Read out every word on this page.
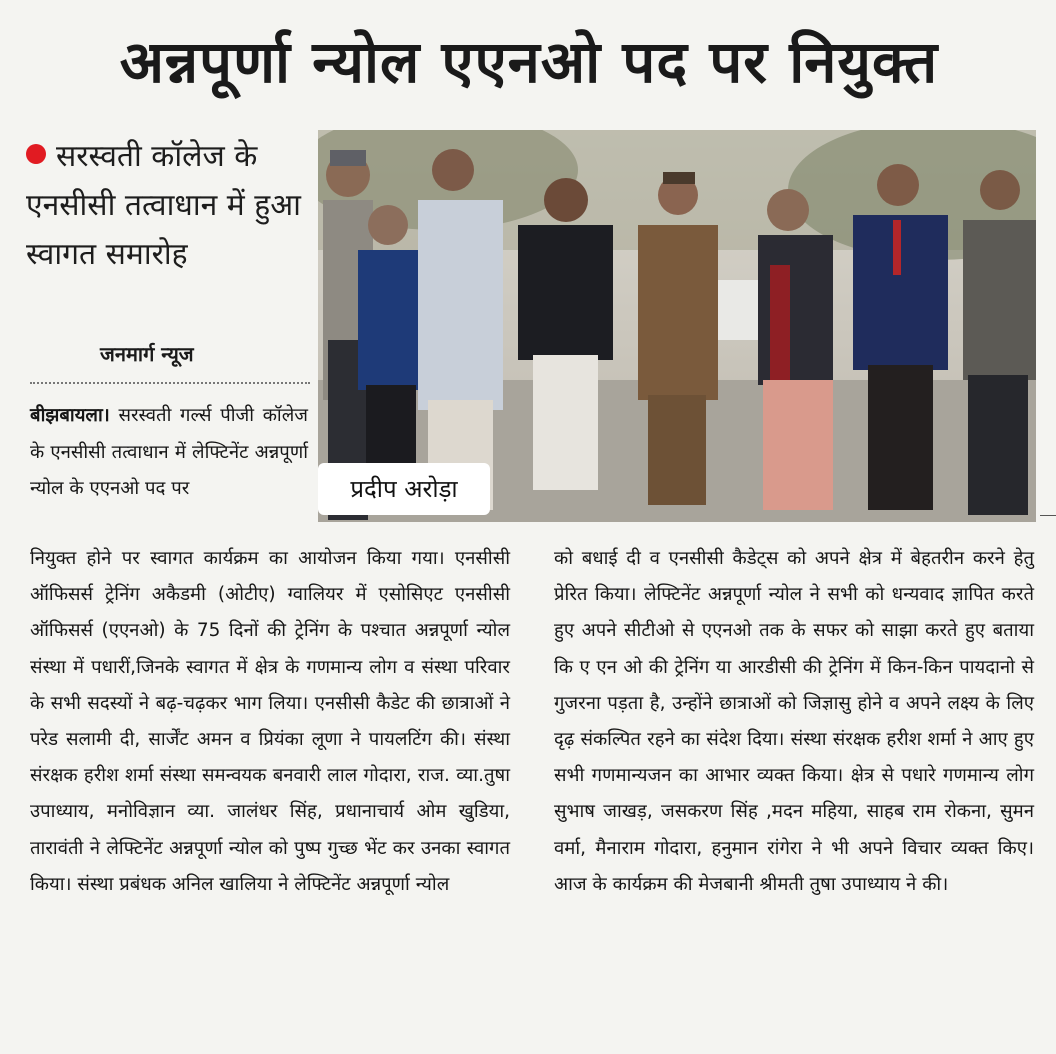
अन्नपूर्णा न्योल एएनओ पद पर नियुक्त
सरस्वती कॉलेज के एनसीसी तत्वाधान में हुआ स्वागत समारोह
जनमार्ग न्यूज
बीझबायला। सरस्वती गर्ल्स पीजी कॉलेज के एनसीसी तत्वाधान में लेफ्टिनेंट अन्नपूर्णा न्योल के एएनओ पद पर	प्रदीप अरोड़ा
नियुक्त होने पर स्वागत कार्यक्रम का आयोजन किया गया। एनसीसी ऑफिसर्स ट्रेनिंग अकैडमी (ओटीए) ग्वालियर में एसोसिएट एनसीसी ऑफिसर्स (एएनओ) के 75 दिनों की ट्रेनिंग के पश्चात अन्नपूर्णा न्योल संस्था में पधारीं,जिनके स्वागत में क्षेत्र के गणमान्य लोग व संस्था परिवार के सभी सदस्यों ने बढ़-चढ़कर भाग लिया। एनसीसी कैडेट की छात्राओं ने परेड सलामी दी, सार्जेंट अमन व प्रियंका लूणा ने पायलटिंग की। संस्था संरक्षक हरीश शर्मा संस्था समन्वयक बनवारी लाल गोदारा, राज. व्या.तुषा उपाध्याय, मनोविज्ञान व्या. जालंधर सिंह, प्रधानाचार्य ओम खुडिया, तारावंती ने लेफ्टिनेंट अन्नपूर्णा न्योल को पुष्प गुच्छ भेंट कर उनका स्वागत किया। संस्था प्रबंधक अनिल खालिया ने लेफ्टिनेंट अन्नपूर्णा न्योल
को बधाई दी व एनसीसी कैडेट्स को अपने क्षेत्र में बेहतरीन करने हेतु प्रेरित किया। लेफ्टिनेंट अन्नपूर्णा न्योल ने सभी को धन्यवाद ज्ञापित करते हुए अपने सीटीओ से एएनओ तक के सफर को साझा करते हुए बताया कि ए एन ओ की ट्रेनिंग या आरडीसी की ट्रेनिंग में किन-किन पायदानो से गुजरना पड़ता है, उन्होंने छात्राओं को जिज्ञासु होने व अपने लक्ष्य के लिए दृढ़ संकल्पित रहने का संदेश दिया। संस्था संरक्षक हरीश शर्मा ने आए हुए सभी गणमान्यजन का आभार व्यक्त किया। क्षेत्र से पधारे गणमान्य लोग सुभाष जाखड़, जसकरण सिंह ,मदन महिया, साहब राम रोकना, सुमन वर्मा, मैनाराम गोदारा, हनुमान रांगेरा ने भी अपने विचार व्यक्त किए। आज के कार्यक्रम की मेजबानी श्रीमती तुषा उपाध्याय ने की।
